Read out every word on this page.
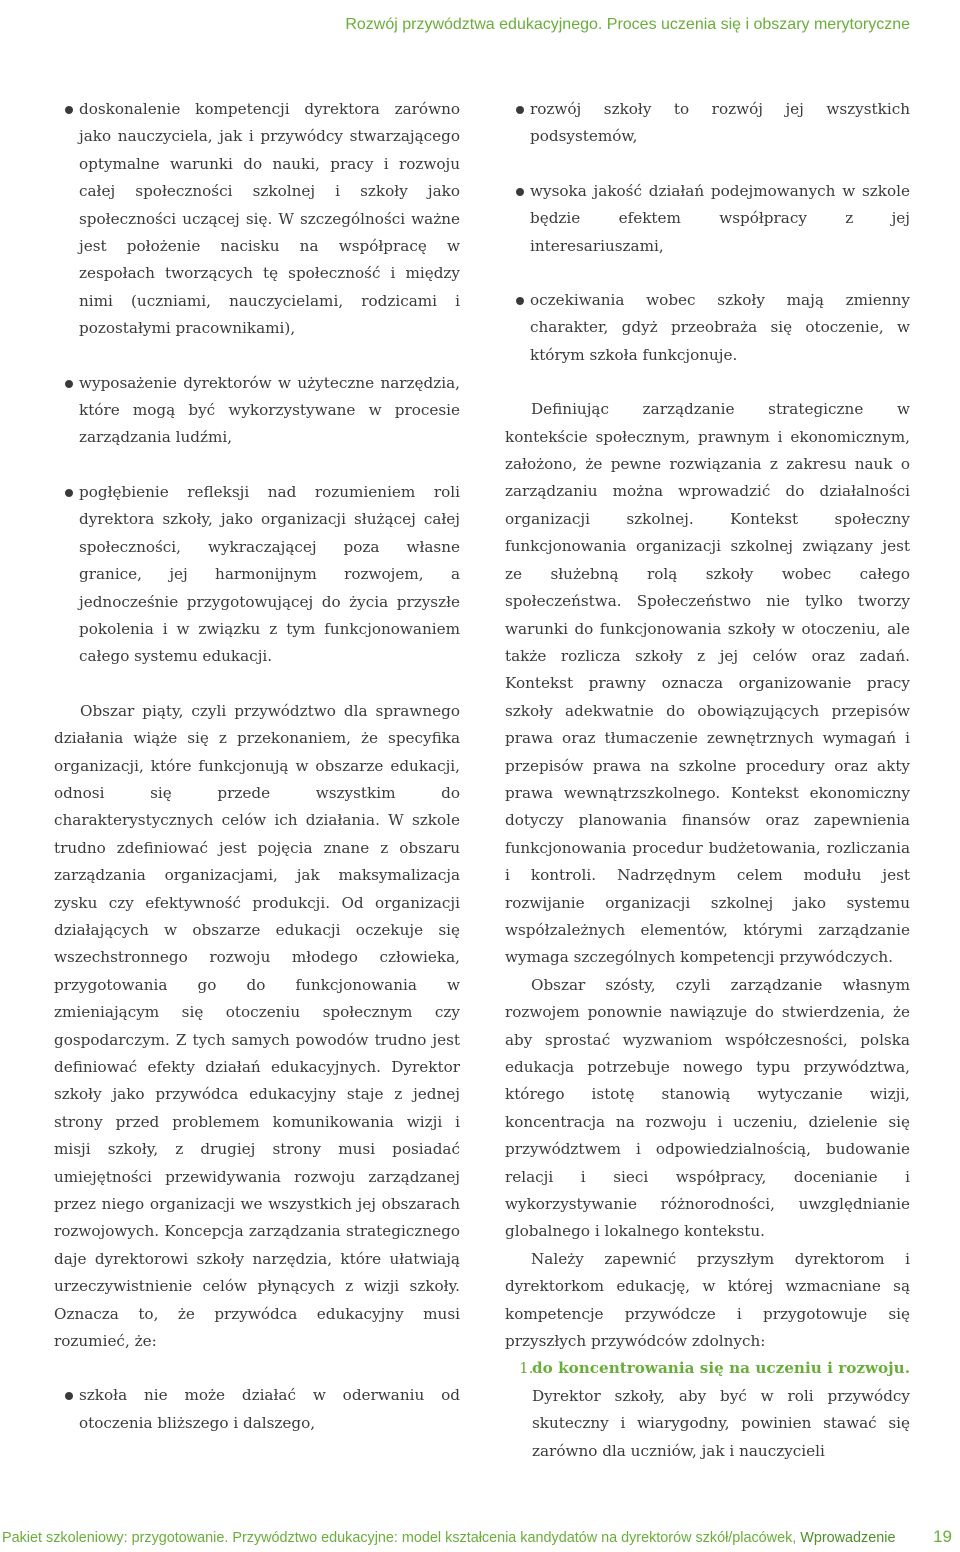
Rozwój przywództwa edukacyjnego. Proces uczenia się i obszary merytoryczne
doskonalenie kompetencji dyrektora zarówno jako nauczyciela, jak i przywódcy stwarzającego optymalne warunki do nauki, pracy i rozwoju całej społeczności szkolnej i szkoły jako społeczności uczącej się. W szczególności ważne jest położenie nacisku na współpracę w zespołach tworzących tę społeczność i między nimi (uczniami, nauczycielami, rodzicami i pozostałymi pracownikami),
wyposażenie dyrektorów w użyteczne narzędzia, które mogą być wykorzystywane w procesie zarządzania ludźmi,
pogłębienie refleksji nad rozumieniem roli dyrektora szkoły, jako organizacji służącej całej społeczności, wykraczającej poza własne granice, jej harmonijnym rozwojem, a jednocześnie przygotowującej do życia przyszłe pokolenia i w związku z tym funkcjonowaniem całego systemu edukacji.

Obszar piąty, czyli przywództwo dla sprawnego działania wiąże się z przekonaniem, że specyfika organizacji, które funkcjonują w obszarze edukacji, odnosi się przede wszystkim do charakterystycznych celów ich działania. W szkole trudno zdefiniować jest pojęcia znane z obszaru zarządzania organizacjami, jak maksymalizacja zysku czy efektywność produkcji. Od organizacji działających w obszarze edukacji oczekuje się wszechstronnego rozwoju młodego człowieka, przygotowania go do funkcjonowania w zmieniającym się otoczeniu społecznym czy gospodarczym. Z tych samych powodów trudno jest definiować efekty działań edukacyjnych. Dyrektor szkoły jako przywódca edukacyjny staje z jednej strony przed problemem komunikowania wizji i misji szkoły, z drugiej strony musi posiadać umiejętności przewidywania rozwoju zarządzanej przez niego organizacji we wszystkich jej obszarach rozwojowych. Koncepcja zarządzania strategicznego daje dyrektorowi szkoły narzędzia, które ułatwiają urzeczywistnienie celów płynących z wizji szkoły. Oznacza to, że przywódca edukacyjny musi rozumieć, że:

szkoła nie może działać w oderwaniu od otoczenia bliższego i dalszego,
rozwój szkoły to rozwój jej wszystkich podsystemów,
wysoka jakość działań podejmowanych w szkole będzie efektem współpracy z jej interesariuszami,
oczekiwania wobec szkoły mają zmienny charakter, gdyż przeobraża się otoczenie, w którym szkoła funkcjonuje.

Definiując zarządzanie strategiczne w kontekście społecznym, prawnym i ekonomicznym, założono, że pewne rozwiązania z zakresu nauk o zarządzaniu można wprowadzić do działalności organizacji szkolnej. Kontekst społeczny funkcjonowania organizacji szkolnej związany jest ze służebną rolą szkoły wobec całego społeczeństwa. Społeczeństwo nie tylko tworzy warunki do funkcjonowania szkoły w otoczeniu, ale także rozlicza szkoły z jej celów oraz zadań. Kontekst prawny oznacza organizowanie pracy szkoły adekwatnie do obowiązujących przepisów prawa oraz tłumaczenie zewnętrznych wymagań i przepisów prawa na szkolne procedury oraz akty prawa wewnątrzszkolnego. Kontekst ekonomiczny dotyczy planowania finansów oraz zapewnienia funkcjonowania procedur budżetowania, rozliczania i kontroli. Nadrzędnym celem modułu jest rozwijanie organizacji szkolnej jako systemu współzależnych elementów, którymi zarządzanie wymaga szczególnych kompetencji przywódczych.

Obszar szósty, czyli zarządzanie własnym rozwojem ponownie nawiązuje do stwierdzenia, że aby sprostać wyzwaniom współczesności, polska edukacja potrzebuje nowego typu przywództwa, którego istotę stanowią wytyczanie wizji, koncentracja na rozwoju i uczeniu, dzielenie się przywództwem i odpowiedzialnością, budowanie relacji i sieci współpracy, docenianie i wykorzystywanie różnorodności, uwzględnianie globalnego i lokalnego kontekstu.

Należy zapewnić przyszłym dyrektorom i dyrektorkom edukację, w której wzmacniane są kompetencje przywódcze i przygotowuje się przyszłych przywódców zdolnych:

1.
do koncentrowania się na uczeniu i rozwoju. Dyrektor szkoły, aby być w roli przywódcy skuteczny i wiarygodny, powinien stawać się zarówno dla uczniów, jak i nauczycieli
Pakiet szkoleniowy: przygotowanie. Przywództwo edukacyjne: model kształcenia kandydatów na dyrektorów szkół/placówek, Wprowadzenie 19
